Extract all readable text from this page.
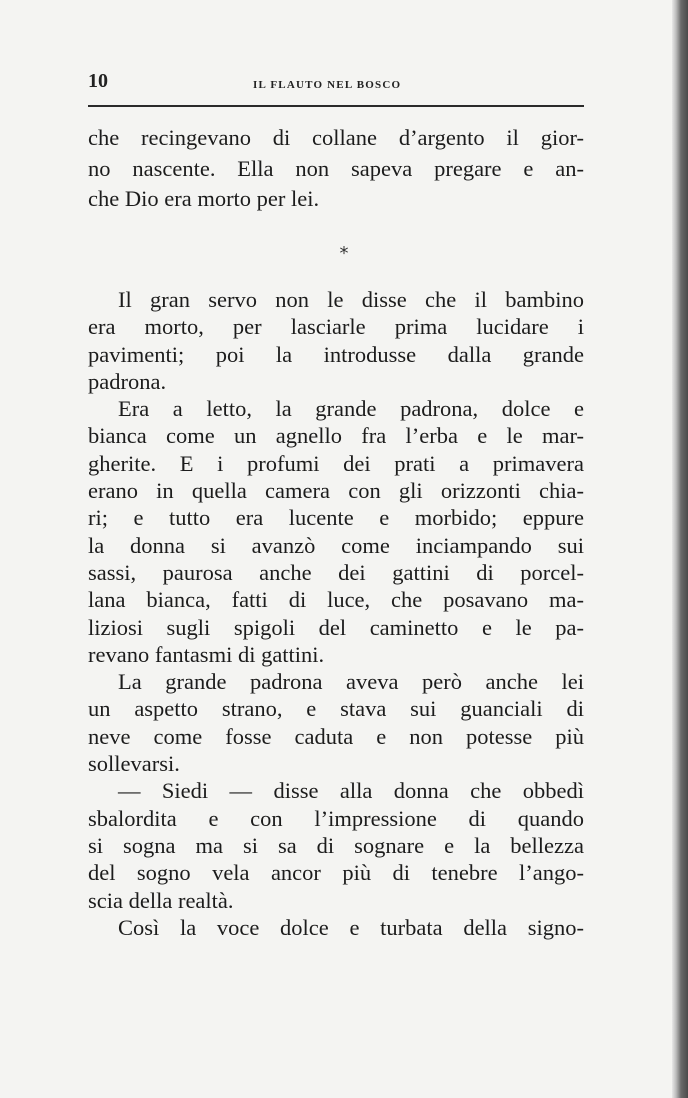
10	IL FLAUTO NEL BOSCO
che recingevano di collane d’argento il gior-
no nascente. Ella non sapeva pregare e an-
che Dio era morto per lei.
*
Il gran servo non le disse che il bambino
era morto, per lasciarle prima lucidare i
pavimenti; poi la introdusse dalla grande
padrona.
Era a letto, la grande padrona, dolce e
bianca come un agnello fra l’erba e le mar-
gherite. E i profumi dei prati a primavera
erano in quella camera con gli orizzonti chia-
ri; e tutto era lucente e morbido; eppure
la donna si avanzò come inciampando sui
sassi, paurosa anche dei gattini di porcel-
lana bianca, fatti di luce, che posavano ma-
liziosi sugli spigoli del caminetto e le pa-
revano fantasmi di gattini.
La grande padrona aveva però anche lei
un aspetto strano, e stava sui guanciali di
neve come fosse caduta e non potesse più
sollevarsi.
— Siedi — disse alla donna che obbedì
sbalordita e con l’impressione di quando
si sogna ma si sa di sognare e la bellezza
del sogno vela ancor più di tenebre l’ango-
scia della realtà.
Così la voce dolce e turbata della signo-
